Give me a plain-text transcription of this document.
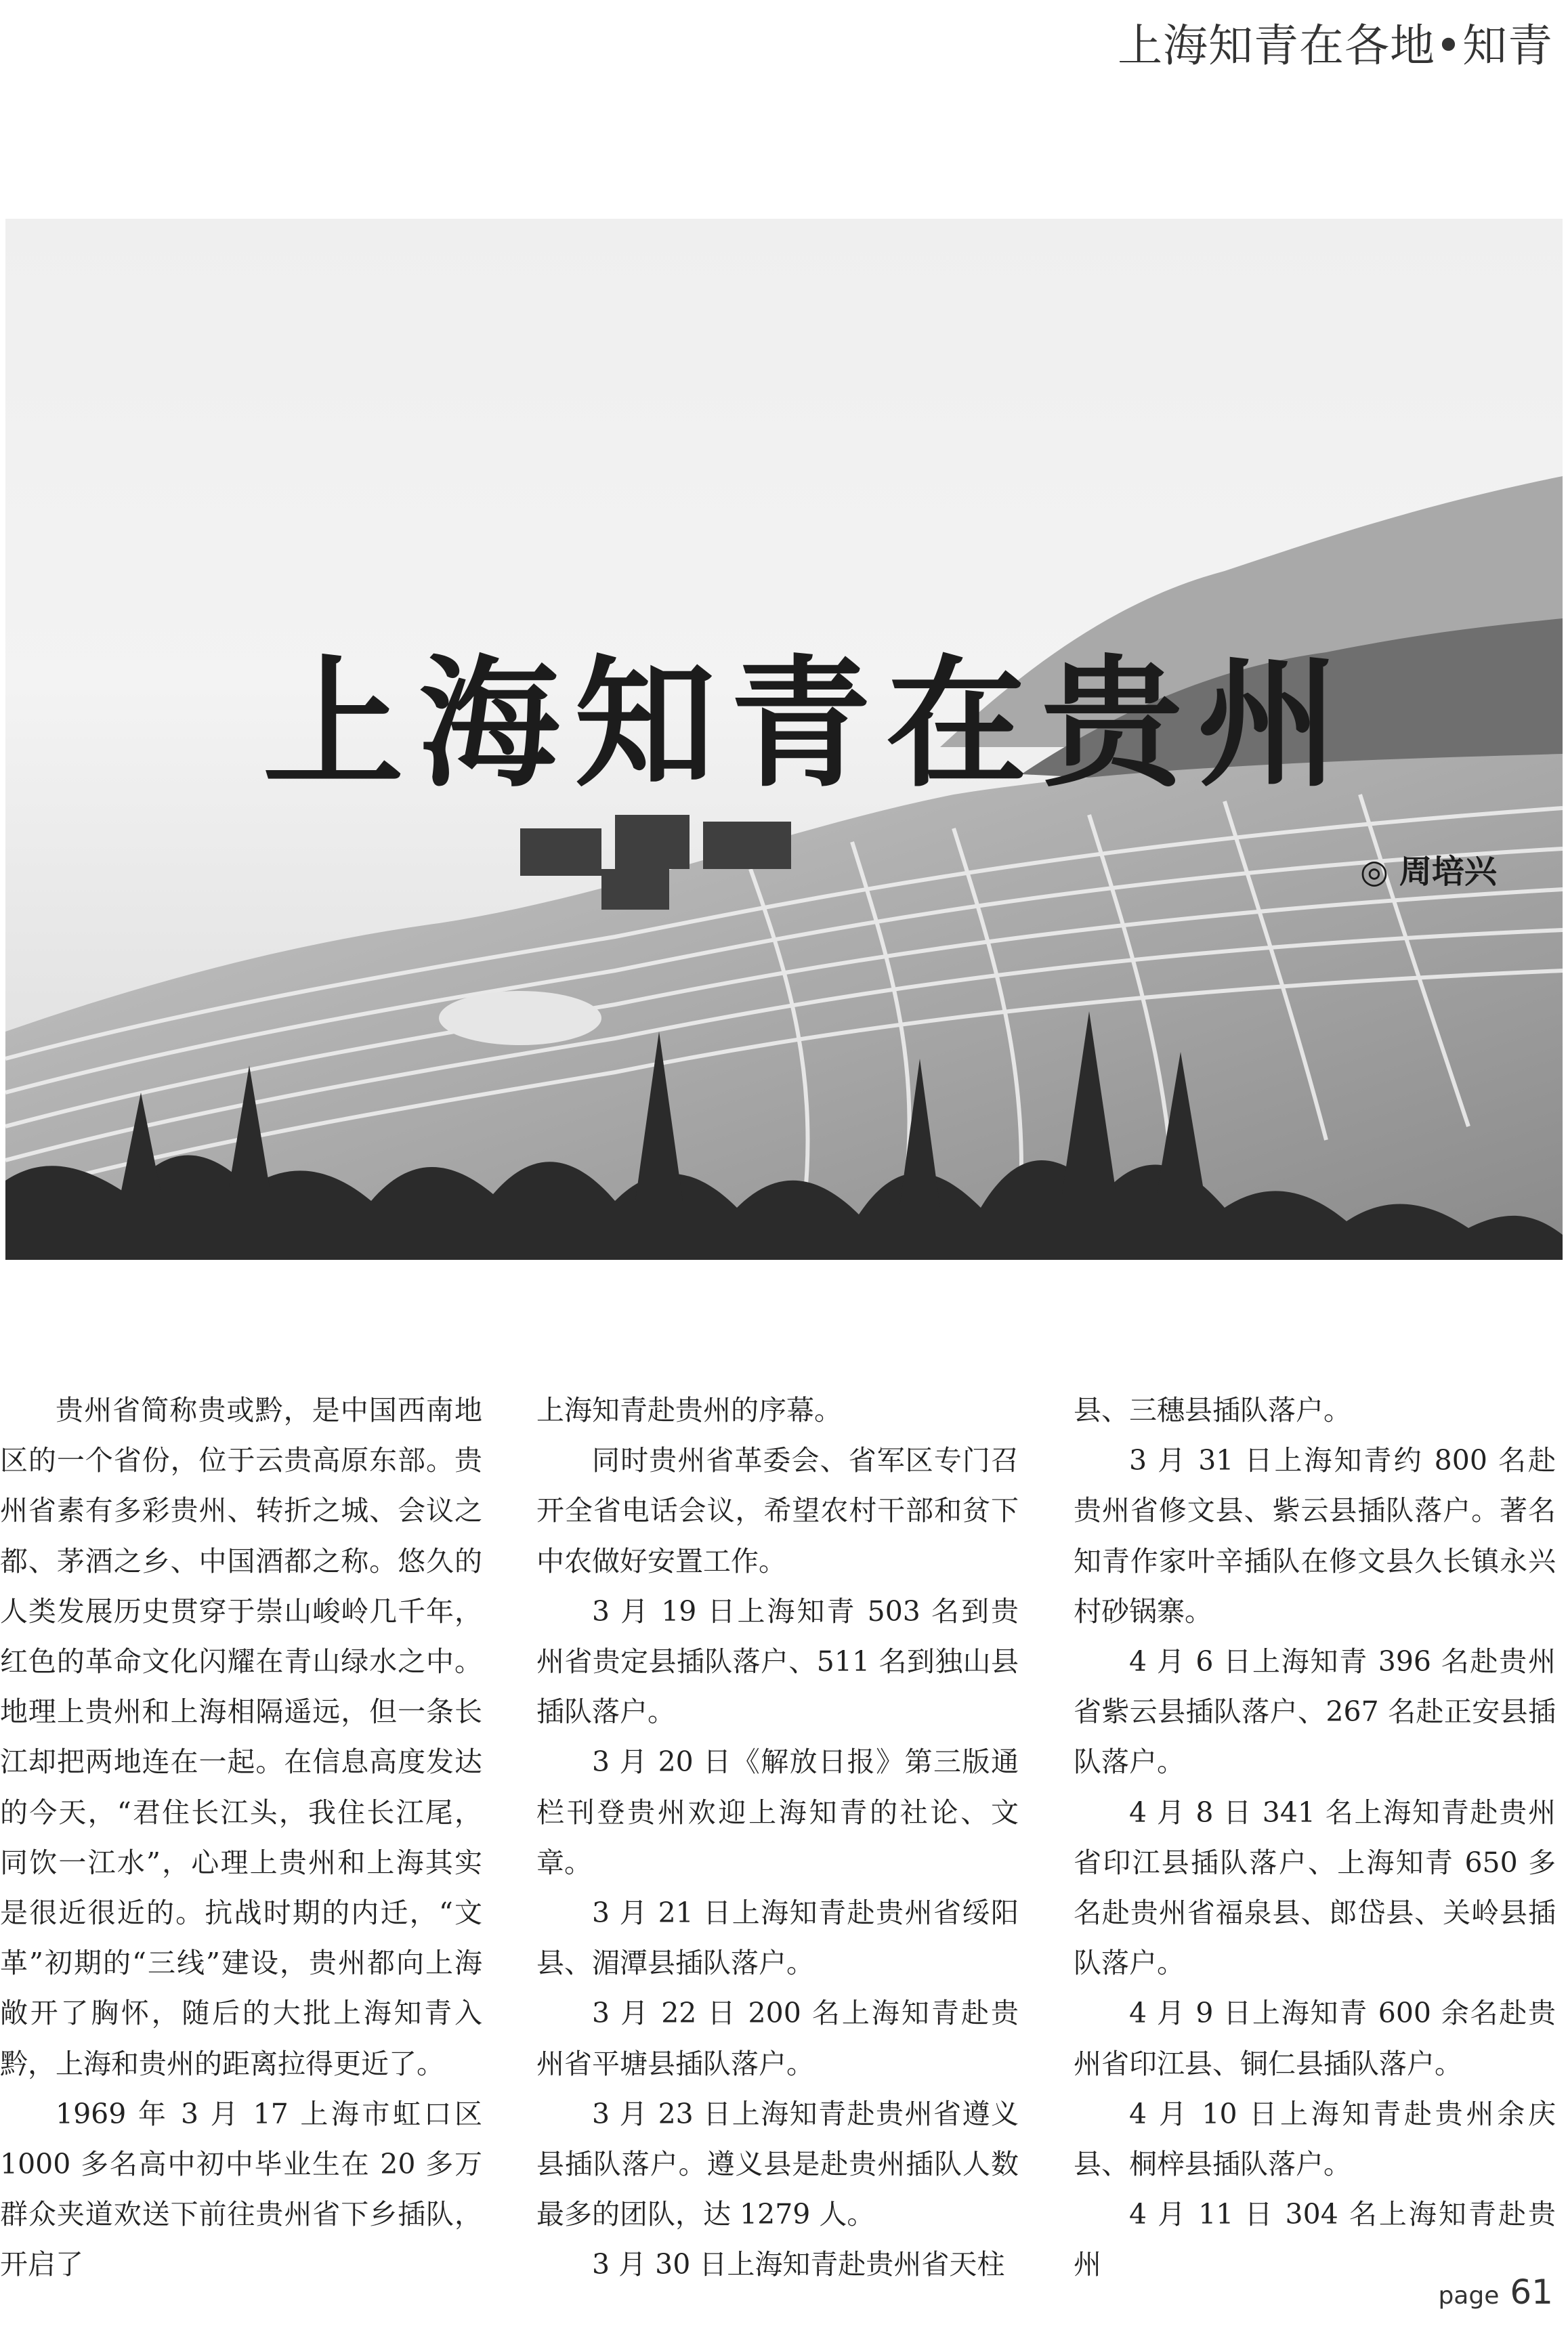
上海知青在各地•知青
上海知青在贵州
◎ 周培兴

贵州省简称贵或黔，是中国西南地区的一个省份，位于云贵高原东部。贵州省素有多彩贵州、转折之城、会议之都、茅酒之乡、中国酒都之称。悠久的人类发展历史贯穿于崇山峻岭几千年，红色的革命文化闪耀在青山绿水之中。地理上贵州和上海相隔遥远，但一条长江却把两地连在一起。在信息高度发达的今天，“君住长江头，我住长江尾，同饮一江水”，心理上贵州和上海其实是很近很近的。抗战时期的内迁，“文革”初期的“三线”建设，贵州都向上海敞开了胸怀，随后的大批上海知青入黔，上海和贵州的距离拉得更近了。

1969 年 3 月 17 上海市虹口区 1000 多名高中初中毕业生在 20 多万群众夹道欢送下前往贵州省下乡插队，开启了

上海知青赴贵州的序幕。

同时贵州省革委会、省军区专门召开全省电话会议，希望农村干部和贫下中农做好安置工作。

3 月 19 日上海知青 503 名到贵州省贵定县插队落户、511 名到独山县插队落户。

3 月 20 日《解放日报》第三版通栏刊登贵州欢迎上海知青的社论、文章。

3 月 21 日上海知青赴贵州省绥阳县、湄潭县插队落户。

3 月 22 日 200 名上海知青赴贵州省平塘县插队落户。

3 月 23 日上海知青赴贵州省遵义县插队落户。遵义县是赴贵州插队人数最多的团队，达 1279 人。

3 月 30 日上海知青赴贵州省天柱

县、三穗县插队落户。

3 月 31 日上海知青约 800 名赴贵州省修文县、紫云县插队落户。著名知青作家叶辛插队在修文县久长镇永兴村砂锅寨。

4 月 6 日上海知青 396 名赴贵州省紫云县插队落户、267 名赴正安县插队落户。

4 月 8 日 341 名上海知青赴贵州省印江县插队落户、上海知青 650 多名赴贵州省福泉县、郎岱县、关岭县插队落户。

4 月 9 日上海知青 600 余名赴贵州省印江县、铜仁县插队落户。

4 月 10 日上海知青赴贵州余庆县、桐梓县插队落户。

4 月 11 日 304 名上海知青赴贵州

page 61
